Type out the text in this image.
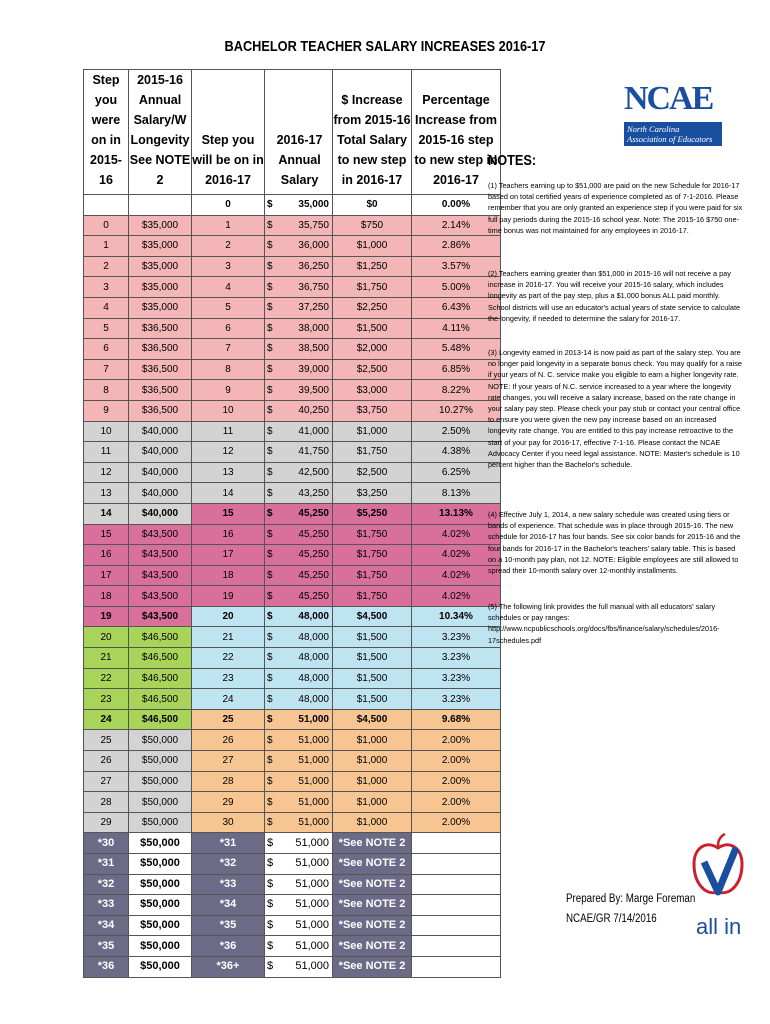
BACHELOR TEACHER SALARY INCREASES 2016-17
Step you were on in 2015-16	2015-16 Annual Salary/W Longevity See NOTE 2	Step you will be on in 2016-17	2016-17 Annual Salary		$ Increase from 2015-16 Total Salary to new step in 2016-17	Percentage Increase from 2015-16 step to new step in 2016-17
		0	$	35,000	$0	0.00%
0	$35,000	1	$	35,750	$750	2.14%
1	$35,000	2	$	36,000	$1,000	2.86%
2	$35,000	3	$	36,250	$1,250	3.57%
3	$35,000	4	$	36,750	$1,750	5.00%
4	$35,000	5	$	37,250	$2,250	6.43%
5	$36,500	6	$	38,000	$1,500	4.11%
6	$36,500	7	$	38,500	$2,000	5.48%
7	$36,500	8	$	39,000	$2,500	6.85%
8	$36,500	9	$	39,500	$3,000	8.22%
9	$36,500	10	$	40,250	$3,750	10.27%
10	$40,000	11	$	41,000	$1,000	2.50%
11	$40,000	12	$	41,750	$1,750	4.38%
12	$40,000	13	$	42,500	$2,500	6.25%
13	$40,000	14	$	43,250	$3,250	8.13%
14	$40,000	15	$	45,250	$5,250	13.13%
15	$43,500	16	$	45,250	$1,750	4.02%
16	$43,500	17	$	45,250	$1,750	4.02%
17	$43,500	18	$	45,250	$1,750	4.02%
18	$43,500	19	$	45,250	$1,750	4.02%
19	$43,500	20	$	48,000	$4,500	10.34%
20	$46,500	21	$	48,000	$1,500	3.23%
21	$46,500	22	$	48,000	$1,500	3.23%
22	$46,500	23	$	48,000	$1,500	3.23%
23	$46,500	24	$	48,000	$1,500	3.23%
24	$46,500	25	$	51,000	$4,500	9.68%
25	$50,000	26	$	51,000	$1,000	2.00%
26	$50,000	27	$	51,000	$1,000	2.00%
27	$50,000	28	$	51,000	$1,000	2.00%
28	$50,000	29	$	51,000	$1,000	2.00%
29	$50,000	30	$	51,000	$1,000	2.00%
*30	$50,000	*31	$	51,000	*See NOTE 2	
*31	$50,000	*32	$	51,000	*See NOTE 2	
*32	$50,000	*33	$	51,000	*See NOTE 2	
*33	$50,000	*34	$	51,000	*See NOTE 2	
*34	$50,000	*35	$	51,000	*See NOTE 2	
*35	$50,000	*36	$	51,000	*See NOTE 2	
*36	$50,000	*36+	$	51,000	*See NOTE 2	
NCAE
North Carolina Association of Educators
NOTES:
(1) Teachers earning up to $51,000 are paid on the new Schedule for 2016-17 based on total certified years of experience completed as of 7-1-2016. Please remember that you are only granted an experience step if you were paid for six full pay periods during the 2015-16 school year. Note: The 2015-16 $750 one-time bonus was not maintained for any employees in 2016-17.
(2) Teachers earning greater than $51,000 in 2015-16 will not receive a pay increase in 2016-17. You will receive your 2015-16 salary, which includes longevity as part of the pay step, plus a $1,000 bonus ALL paid monthly. School districts will use an educator's actual years of state service to calculate the longevity, if needed to determine the salary for 2016-17.
(3) Longevity earned in 2013-14 is now paid as part of the salary step. You are no longer paid longevity in a separate bonus check. You may qualify for a raise if your years of N. C. service make you eligible to earn a higher longevity rate. NOTE: If your years of N.C. service increased to a year where the longevity rate changes, you will receive a salary increase, based on the rate change in your salary pay step. Please check your pay stub or contact your central office to ensure you were given the new pay increase based on an increased longevity rate change. You are entitled to this pay increase retroactive to the start of your pay for 2016-17, effective 7-1-16. Please contact the NCAE Advocacy Center if you need legal assistance. NOTE: Master's schedule is 10 percent higher than the Bachelor's schedule.
(4) Effective July 1, 2014, a new salary schedule was created using tiers or bands of experience. That schedule was in place through 2015-16. The new schedule for 2016-17 has four bands. See six color bands for 2015-16 and the four bands for 2016-17 in the Bachelor's teachers' salary table. This is based on a 10-month pay plan, not 12. NOTE: Eligible employees are still allowed to spread their 10-month salary over 12-monthly installments.
(5) The following link provides the full manual with all educators' salary schedules or pay ranges: http://www.ncpublicschools.org/docs/fbs/finance/salary/schedules/2016-17schedules.pdf
Prepared By: Marge Foreman
NCAE/GR 7/14/2016 all in
